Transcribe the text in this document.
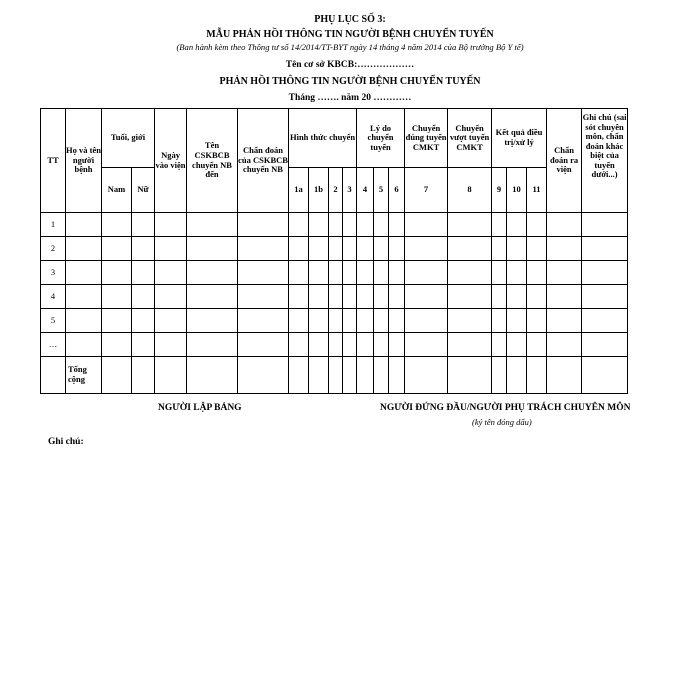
PHỤ LỤC SỐ 3:
MẪU PHẢN HỒI THÔNG TIN NGƯỜI BỆNH CHUYỂN TUYẾN
(Ban hành kèm theo Thông tư số 14/2014/TT-BYT ngày 14 tháng 4 năm 2014 của Bộ trưởng Bộ Y tế)
Tên cơ sở KBCB:………………
PHẢN HỒI THÔNG TIN NGƯỜI BỆNH CHUYỂN TUYẾN
Tháng ……. năm 20 …………
TT	Họ và tên người bệnh	Tuổi, giới		Ngày vào viện	Tên CSKBCB chuyển NB đến	Chẩn đoán của CSKBCB chuyển NB	Hình thức chuyển				Lý do chuyển tuyến			Chuyển đúng tuyến CMKT	Chuyển vượt tuyến CMKT	Kết quả điều trị/xử lý			Chẩn đoán ra viện	Ghi chú (sai sót chuyên môn, chẩn đoán khác biệt của tuyến dưới...)
		Nam	Nữ				1a	1b	2	3	4	5	6	7	8	9	10	11		
1																				
2																				
3																				
4																				
5																				
…																				
	Tổng cộng																			
NGƯỜI LẬP BẢNG	NGƯỜI ĐỨNG ĐẦU/NGƯỜI PHỤ TRÁCH CHUYÊN MÔN
(ký tên đóng dấu)
Ghi chú:
